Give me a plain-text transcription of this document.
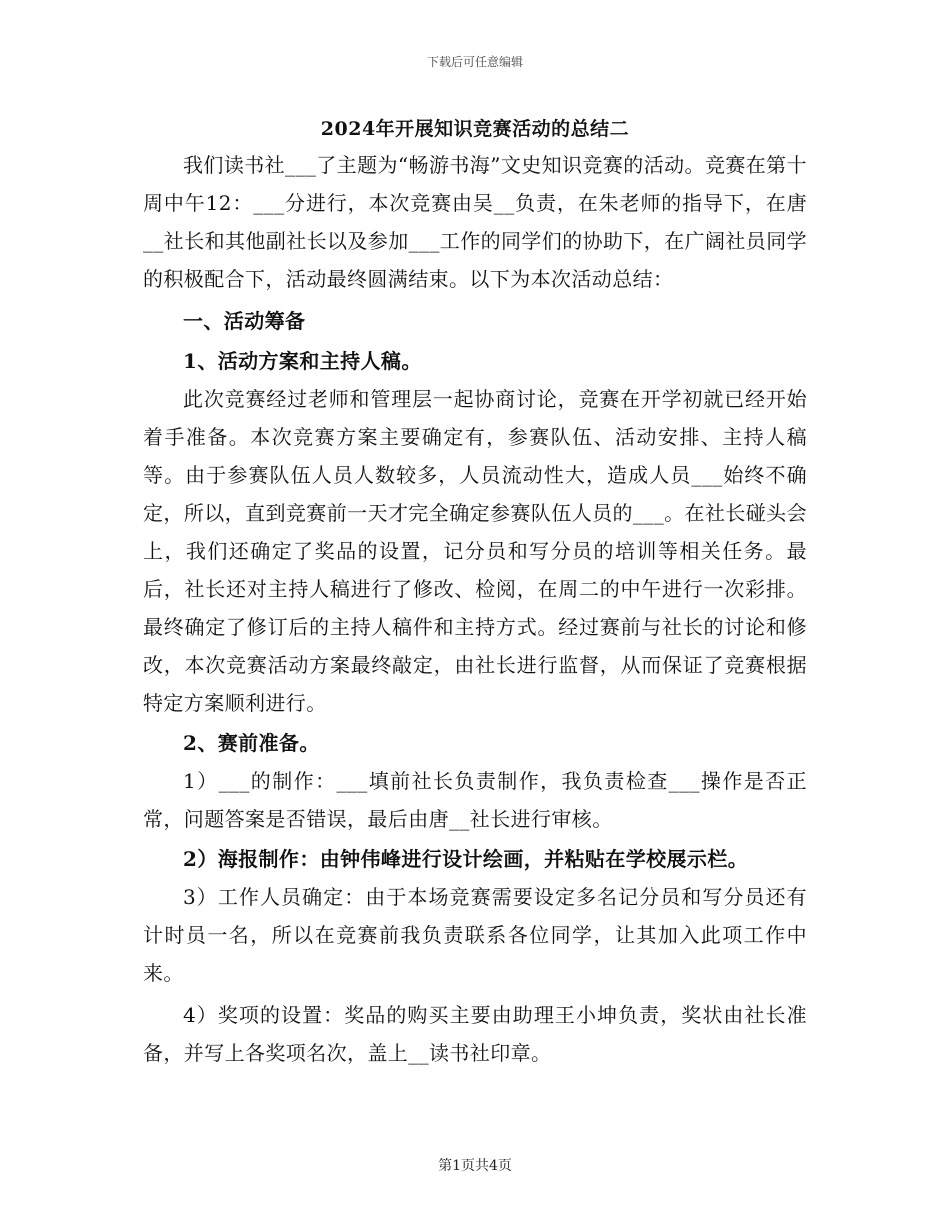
下载后可任意编辑
2024年开展知识竞赛活动的总结二

我们读书社___了主题为“畅游书海”文史知识竞赛的活动。竞赛在第十周中午12：___分进行，本次竞赛由吴__负责，在朱老师的指导下，在唐__社长和其他副社长以及参加___工作的同学们的协助下，在广阔社员同学的积极配合下，活动最终圆满结束。以下为本次活动总结：

一、活动筹备

1、活动方案和主持人稿。

此次竞赛经过老师和管理层一起协商讨论，竞赛在开学初就已经开始着手准备。本次竞赛方案主要确定有，参赛队伍、活动安排、主持人稿等。由于参赛队伍人员人数较多，人员流动性大，造成人员___始终不确定，所以，直到竞赛前一天才完全确定参赛队伍人员的___。在社长碰头会上，我们还确定了奖品的设置，记分员和写分员的培训等相关任务。最后，社长还对主持人稿进行了修改、检阅，在周二的中午进行一次彩排。最终确定了修订后的主持人稿件和主持方式。经过赛前与社长的讨论和修改，本次竞赛活动方案最终敲定，由社长进行监督，从而保证了竞赛根据特定方案顺利进行。

2、赛前准备。

1）___的制作：___填前社长负责制作，我负责检查___操作是否正常，问题答案是否错误，最后由唐__社长进行审核。

2）海报制作：由钟伟峰进行设计绘画，并粘贴在学校展示栏。

3）工作人员确定：由于本场竞赛需要设定多名记分员和写分员还有计时员一名，所以在竞赛前我负责联系各位同学，让其加入此项工作中来。

4）奖项的设置：奖品的购买主要由助理王小坤负责，奖状由社长准备，并写上各奖项名次，盖上__读书社印章。

第1页共4页
